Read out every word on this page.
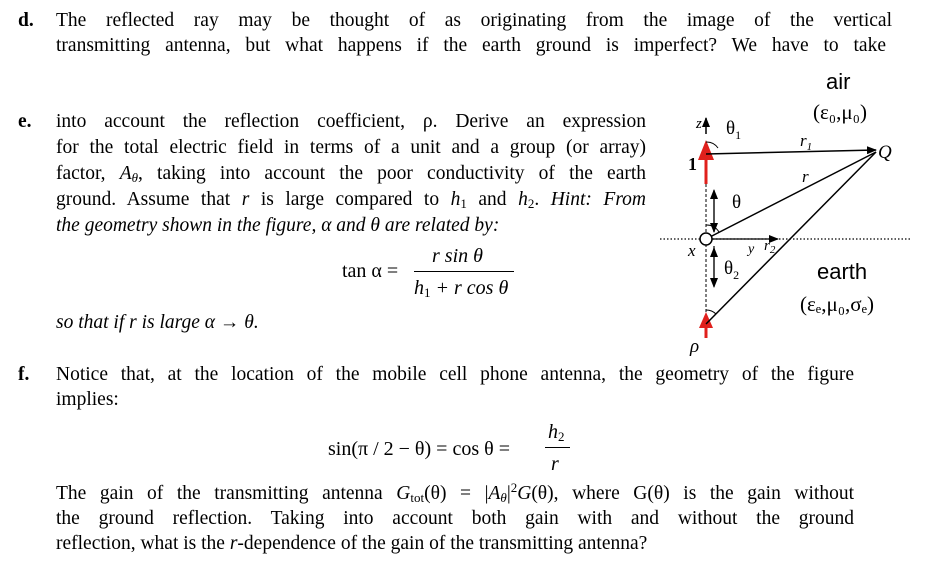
d. The reflected ray may be thought of as originating from the image of the vertical
transmitting antenna, but what happens if the earth ground is imperfect? We have to take
e. into account the reflection coefficient, ρ. Derive an expression
for the total electric field in terms of a unit and a group (or array)
factor, $A_\theta$, taking into account the poor conductivity of the earth
ground. Assume that r is large compared to $h_1$ and $h_2$. Hint: From
the geometry shown in the figure, α and θ are related by:
tan α =
r sin θ
$h_1 + r$ cos θ
so that if r is large α → θ.
z
1
x	y $r_2$
ρ
Q
$\theta_1$
θ
$\theta_2$
$r_1$
r
air
(ε₀,μ₀)
earth
(εₑ,μ₀,σₑ)
f. Notice that, at the location of the mobile cell phone antenna, the geometry of the figure
implies:
sin(π / 2 − θ) = cos θ =
$h_2$
r
The gain of the transmitting antenna $G_{tot}(\theta) = |A_\theta|^2G(\theta)$, where G(θ) is the gain without
the ground reflection. Taking into account both gain with and without the ground
reflection, what is the r-dependence of the gain of the transmitting antenna?
